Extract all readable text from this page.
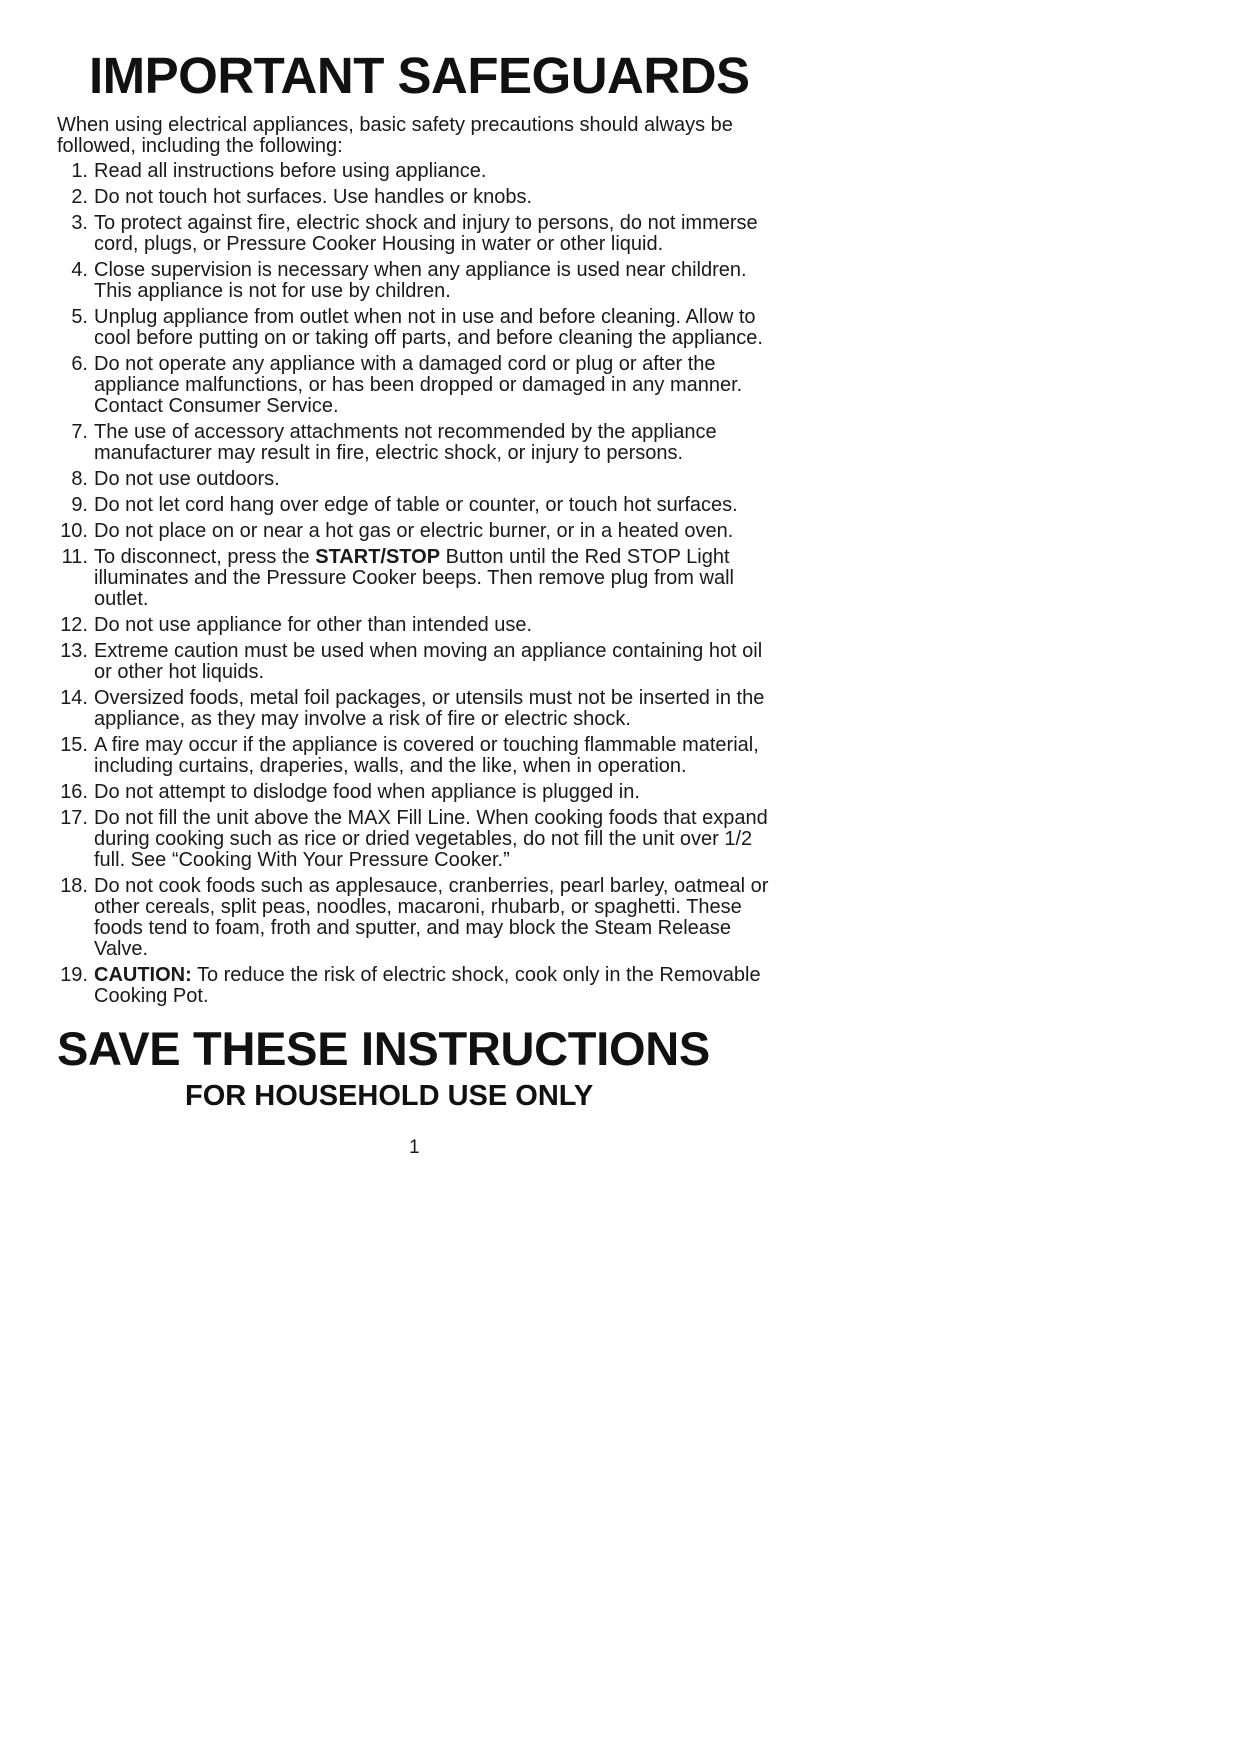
IMPORTANT SAFEGUARDS

When using electrical appliances, basic safety precautions should always be followed, including the following:

1. Read all instructions before using appliance.
2. Do not touch hot surfaces. Use handles or knobs.
3. To protect against fire, electric shock and injury to persons, do not immerse cord, plugs, or Pressure Cooker Housing in water or other liquid.
4. Close supervision is necessary when any appliance is used near children. This appliance is not for use by children.
5. Unplug appliance from outlet when not in use and before cleaning. Allow to cool before putting on or taking off parts, and before cleaning the appliance.
6. Do not operate any appliance with a damaged cord or plug or after the appliance malfunctions, or has been dropped or damaged in any manner. Contact Consumer Service.
7. The use of accessory attachments not recommended by the appliance manufacturer may result in fire, electric shock, or injury to persons.
8. Do not use outdoors.
9. Do not let cord hang over edge of table or counter, or touch hot surfaces.
10. Do not place on or near a hot gas or electric burner, or in a heated oven.
11. To disconnect, press the START/STOP Button until the Red STOP Light illuminates and the Pressure Cooker beeps. Then remove plug from wall outlet.
12. Do not use appliance for other than intended use.
13. Extreme caution must be used when moving an appliance containing hot oil or other hot liquids.
14. Oversized foods, metal foil packages, or utensils must not be inserted in the appliance, as they may involve a risk of fire or electric shock.
15. A fire may occur if the appliance is covered or touching flammable material, including curtains, draperies, walls, and the like, when in operation.
16. Do not attempt to dislodge food when appliance is plugged in.
17. Do not fill the unit above the MAX Fill Line. When cooking foods that expand during cooking such as rice or dried vegetables, do not fill the unit over 1/2 full. See “Cooking With Your Pressure Cooker.”
18. Do not cook foods such as applesauce, cranberries, pearl barley, oatmeal or other cereals, split peas, noodles, macaroni, rhubarb, or spaghetti. These foods tend to foam, froth and sputter, and may block the Steam Release Valve.
19. CAUTION: To reduce the risk of electric shock, cook only in the Removable Cooking Pot.
SAVE THESE INSTRUCTIONS
FOR HOUSEHOLD USE ONLY
1
